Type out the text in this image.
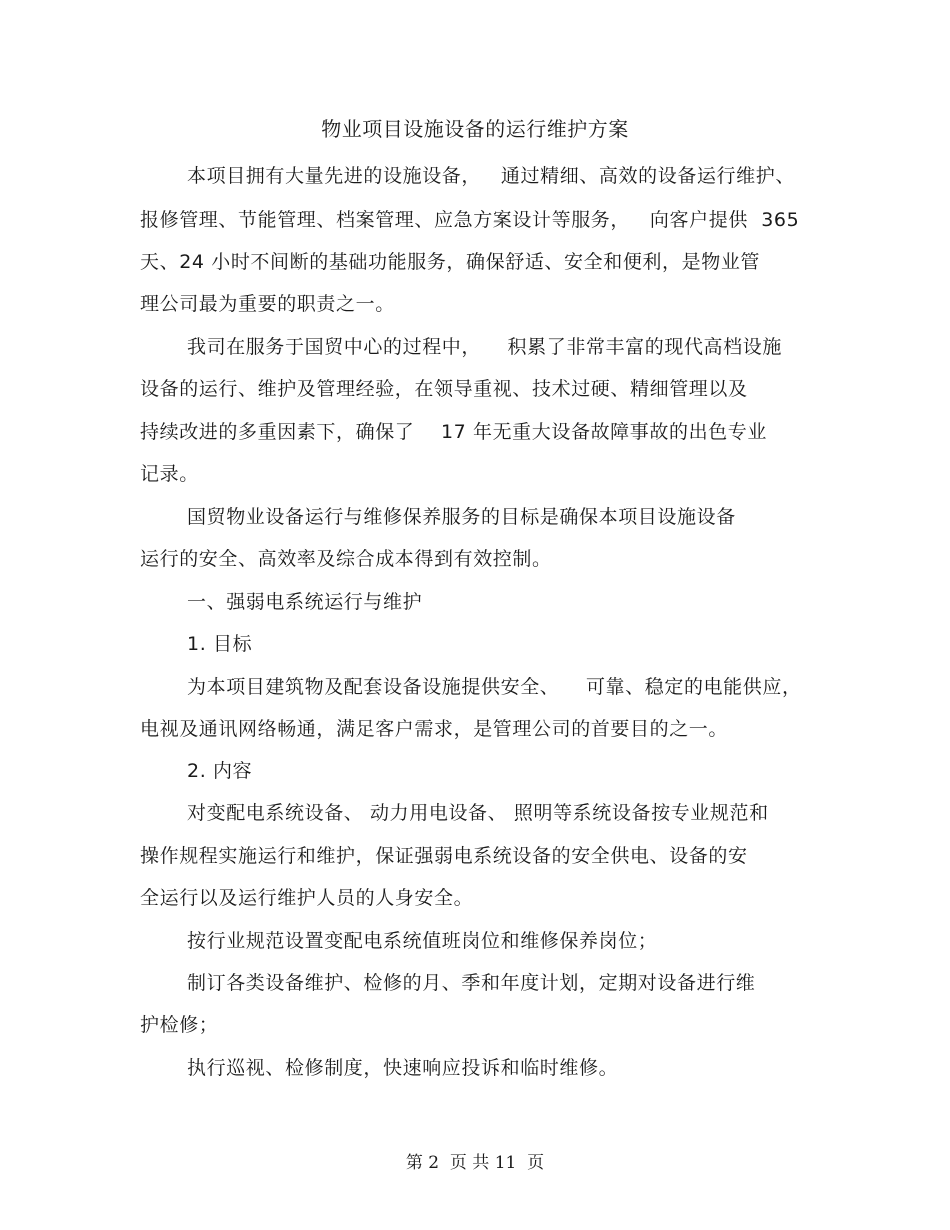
物业项目设施设备的运行维护方案
本项目拥有大量先进的设施设备，   通过精细、高效的设备运行维护、
报修管理、节能管理、档案管理、应急方案设计等服务，   向客户提供  365
天、24 小时不间断的基础功能服务，确保舒适、安全和便利，是物业管
理公司最为重要的职责之一。
我司在服务于国贸中心的过程中，    积累了非常丰富的现代高档设施
设备的运行、维护及管理经验，在领导重视、技术过硬、精细管理以及
持续改进的多重因素下，确保了    17 年无重大设备故障事故的出色专业
记录。
国贸物业设备运行与维修保养服务的目标是确保本项目设施设备
运行的安全、高效率及综合成本得到有效控制。
一、强弱电系统运行与维护
1. 目标
为本项目建筑物及配套设备设施提供安全、    可靠、稳定的电能供应，
电视及通讯网络畅通，满足客户需求，是管理公司的首要目的之一。
2. 内容
对变配电系统设备、 动力用电设备、 照明等系统设备按专业规范和
操作规程实施运行和维护，保证强弱电系统设备的安全供电、设备的安
全运行以及运行维护人员的人身安全。
按行业规范设置变配电系统值班岗位和维修保养岗位；
制订各类设备维护、检修的月、季和年度计划，定期对设备进行维
护检修；
执行巡视、检修制度，快速响应投诉和临时维修。
第 2  页 共 11  页
